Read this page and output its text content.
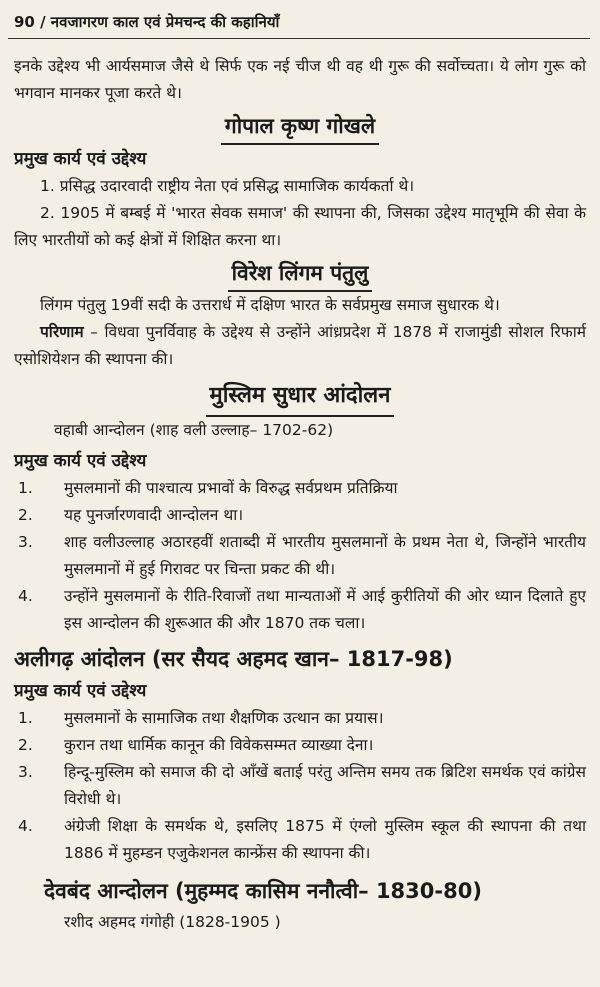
90 / नवजागरण काल एवं प्रेमचन्द की कहानियाँ

इनके उद्देश्य भी आर्यसमाज जैसे थे सिर्फ एक नई चीज थी वह थी गुरू की सर्वोच्चता। ये लोग गुरू को भगवान मानकर पूजा करते थे।

गोपाल कृष्ण गोखले

प्रमुख कार्य एवं उद्देश्य

1. प्रसिद्ध उदारवादी राष्ट्रीय नेता एवं प्रसिद्ध सामाजिक कार्यकर्ता थे।

2. 1905 में बम्बई में 'भारत सेवक समाज' की स्थापना की, जिसका उद्देश्य मातृभूमि की सेवा के लिए भारतीयों को कई क्षेत्रों में शिक्षित करना था।

विरेश लिंगम पंतुलु

लिंगम पंतुलु 19वीं सदी के उत्तरार्ध में दक्षिण भारत के सर्वप्रमुख समाज सुधारक थे।

परिणाम – विधवा पुनर्विवाह के उद्देश्य से उन्होंने आंध्रप्रदेश में 1878 में राजामुंडी सोशल रिफार्म एसोशियेशन की स्थापना की।

मुस्लिम सुधार आंदोलन

वहाबी आन्दोलन (शाह वली उल्लाह– 1702-62)

प्रमुख कार्य एवं उद्देश्य

1.	मुसलमानों की पाश्चात्य प्रभावों के विरुद्ध सर्वप्रथम प्रतिक्रिया
2.	यह पुनर्जारणवादी आन्दोलन था।
3.	शाह वलीउल्लाह अठारहवीं शताब्दी में भारतीय मुसलमानों के प्रथम नेता थे, जिन्होंने भारतीय मुसलमानों में हुई गिरावट पर चिन्ता प्रकट की थी।
4.	उन्होंने मुसलमानों के रीति-रिवाजों तथा मान्यताओं में आई कुरीतियों की ओर ध्यान दिलाते हुए इस आन्दोलन की शुरूआत की और 1870 तक चला।

अलीगढ़ आंदोलन (सर सैयद अहमद खान– 1817-98)

प्रमुख कार्य एवं उद्देश्य

1.	मुसलमानों के सामाजिक तथा शैक्षणिक उत्थान का प्रयास।
2.	कुरान तथा धार्मिक कानून की विवेकसम्मत व्याख्या देना।
3.	हिन्दू-मुस्लिम को समाज की दो आँखें बताई परंतु अन्तिम समय तक ब्रिटिश समर्थक एवं कांग्रेस विरोधी थे।
4.	अंग्रेजी शिक्षा के समर्थक थे, इसलिए 1875 में एंग्लो मुस्लिम स्कूल की स्थापना की तथा 1886 में मुहम्डन एजुकेशनल कान्फ्रेंस की स्थापना की।

देवबंद आन्दोलन (मुहम्मद कासिम ननौत्वी– 1830-80)

रशीद अहमद गंगोही (1828-1905 )
